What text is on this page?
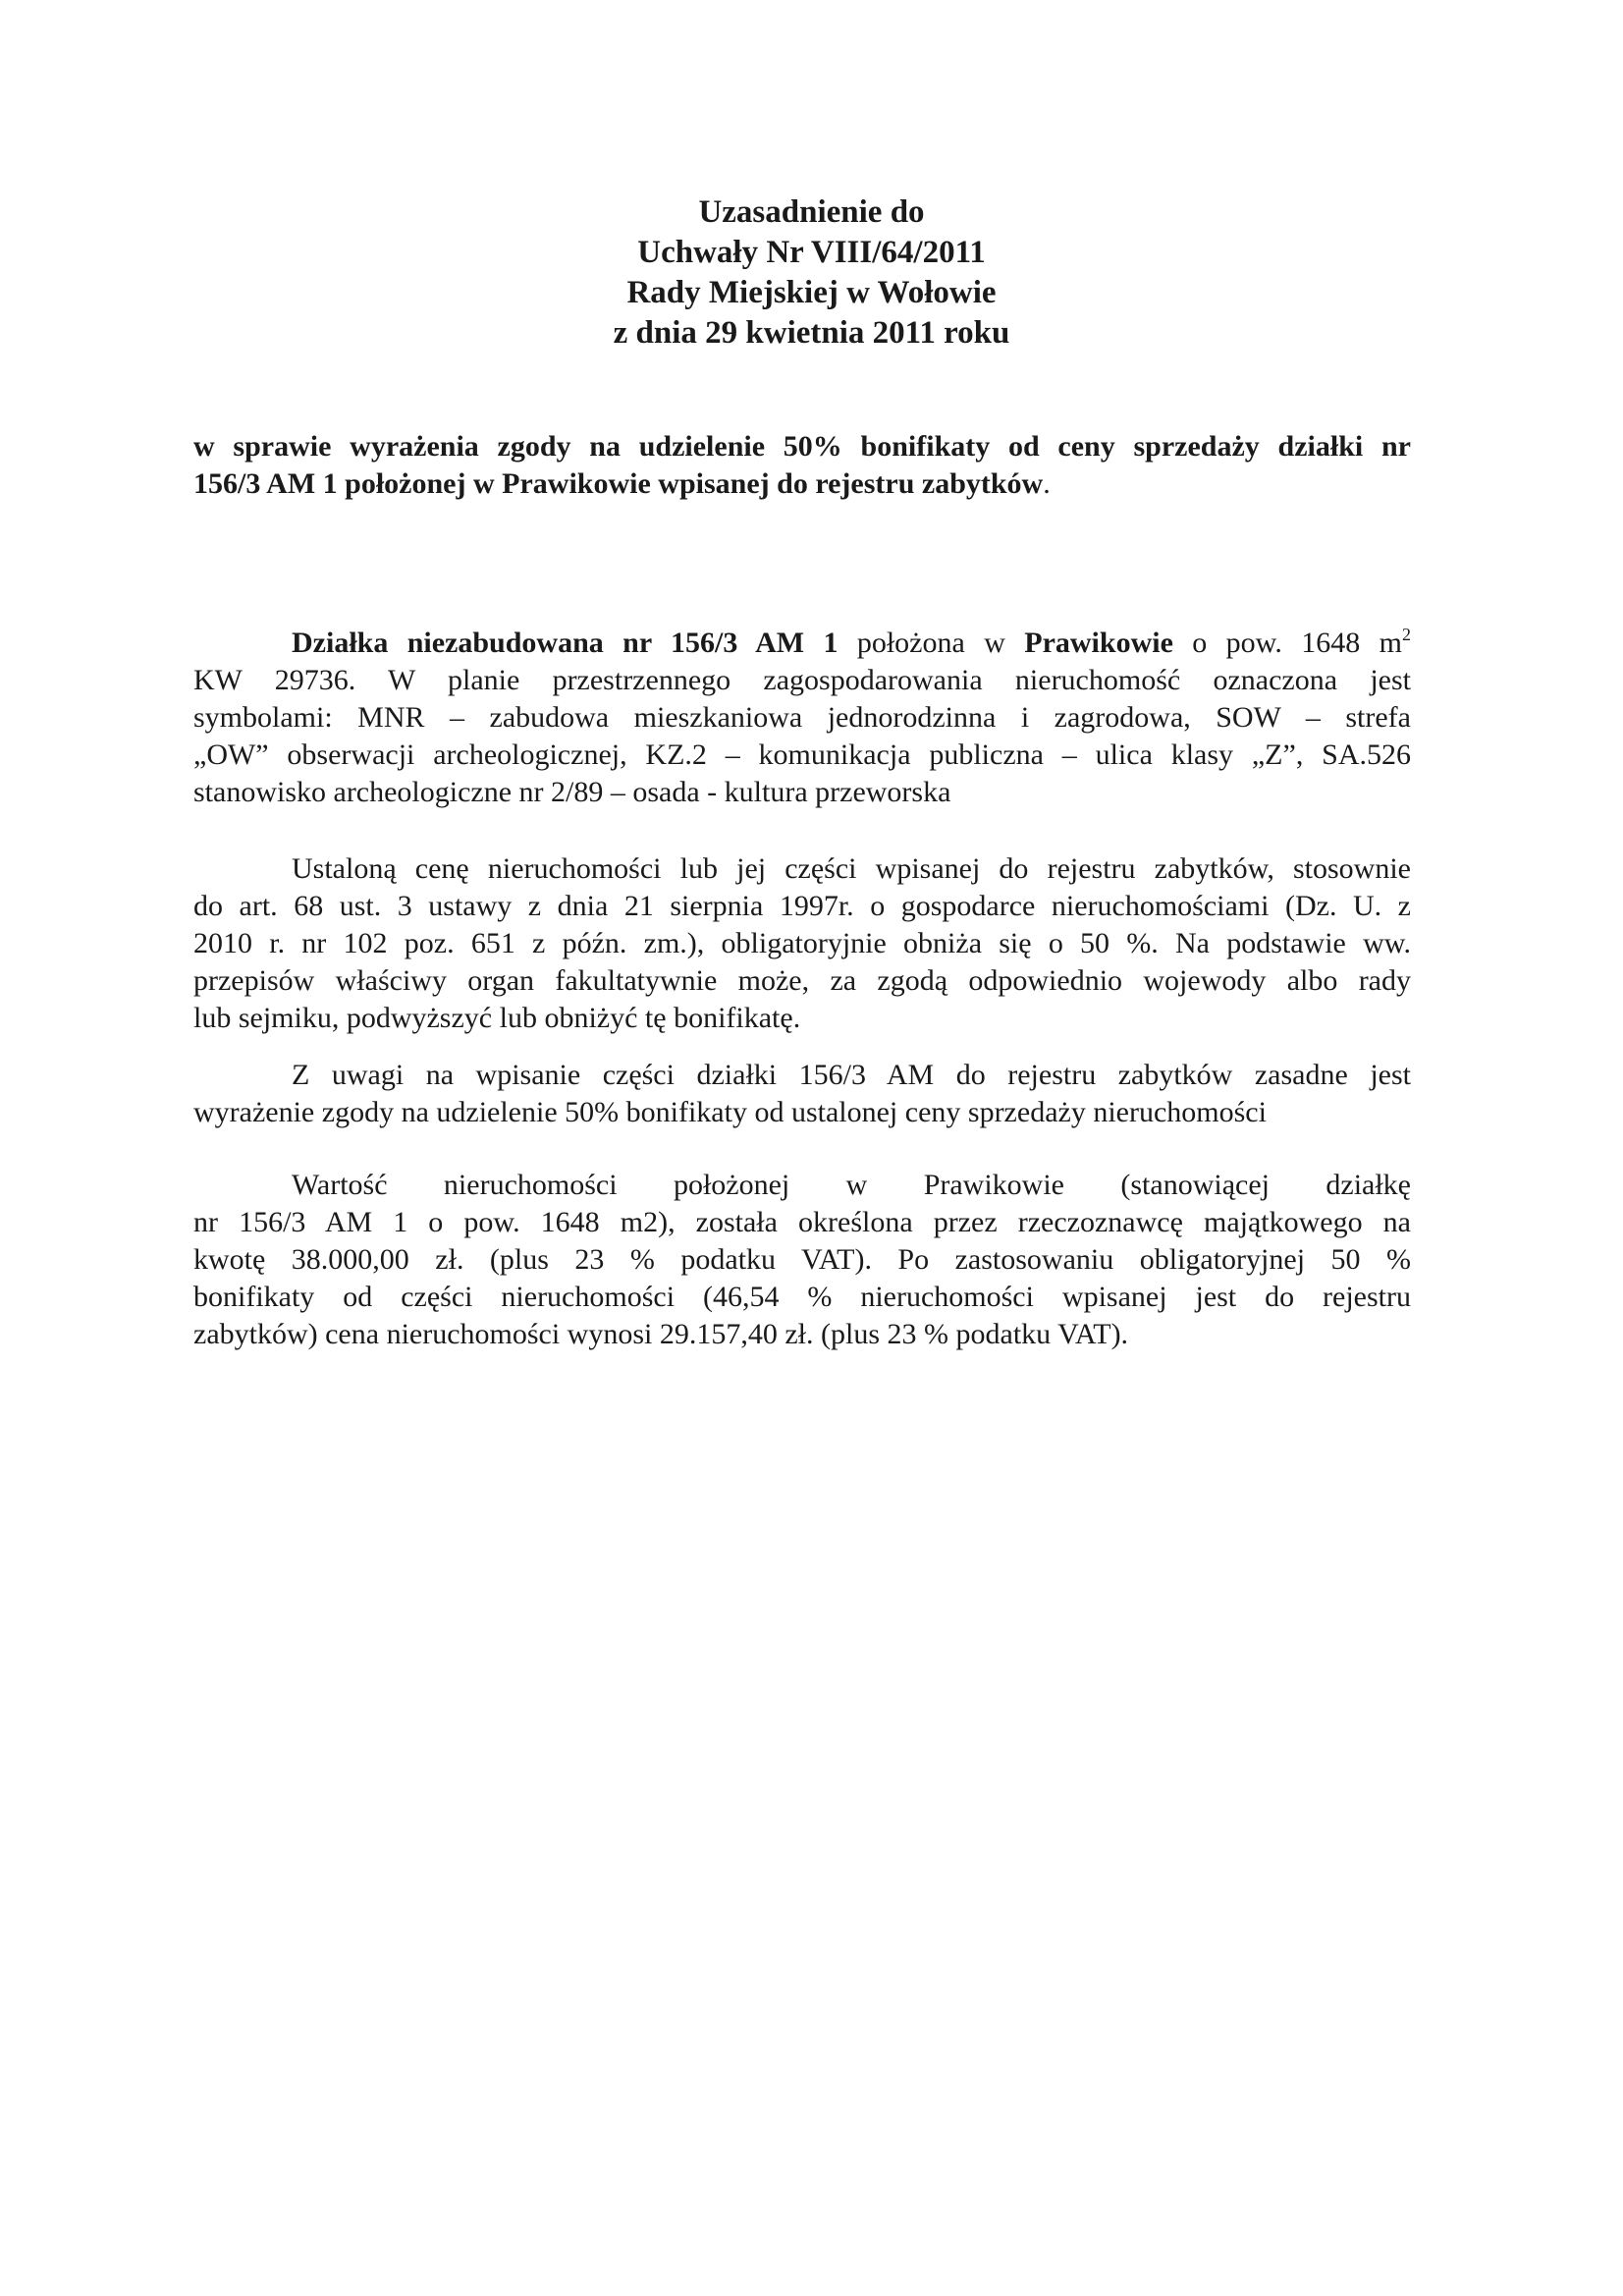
Uzasadnienie do
Uchwały Nr VIII/64/2011
Rady Miejskiej w Wołowie
z dnia 29 kwietnia 2011 roku
w sprawie wyrażenia zgody na udzielenie 50% bonifikaty od ceny sprzedaży działki nr
156/3 AM 1 położonej w Prawikowie wpisanej do rejestru zabytków.
Działka niezabudowana nr 156/3 AM 1 położona w Prawikowie o pow. 1648 $m^2$
KW 29736. W planie przestrzennego zagospodarowania nieruchomość oznaczona jest
symbolami: MNR – zabudowa mieszkaniowa jednorodzinna i zagrodowa, SOW – strefa
„OW” obserwacji archeologicznej, KZ.2 – komunikacja publiczna – ulica klasy „Z”, SA.526
stanowisko archeologiczne nr 2/89 – osada - kultura przeworska
Ustaloną cenę nieruchomości lub jej części wpisanej do rejestru zabytków, stosownie
do art. 68 ust. 3 ustawy z dnia 21 sierpnia 1997r. o gospodarce nieruchomościami (Dz. U. z
2010 r. nr 102 poz. 651 z późn. zm.), obligatoryjnie obniża się o 50 %. Na podstawie ww.
przepisów właściwy organ fakultatywnie może, za zgodą odpowiednio wojewody albo rady
lub sejmiku, podwyższyć lub obniżyć tę bonifikatę.
Z uwagi na wpisanie części działki 156/3 AM do rejestru zabytków zasadne jest
wyrażenie zgody na udzielenie 50% bonifikaty od ustalonej ceny sprzedaży nieruchomości
Wartość nieruchomości położonej w Prawikowie (stanowiącej działkę
nr 156/3 AM 1 o pow. 1648 m2), została określona przez rzeczoznawcę majątkowego na
kwotę 38.000,00 zł. (plus 23 % podatku VAT). Po zastosowaniu obligatoryjnej 50 %
bonifikaty od części nieruchomości (46,54 % nieruchomości wpisanej jest do rejestru
zabytków) cena nieruchomości wynosi 29.157,40 zł. (plus 23 % podatku VAT).
